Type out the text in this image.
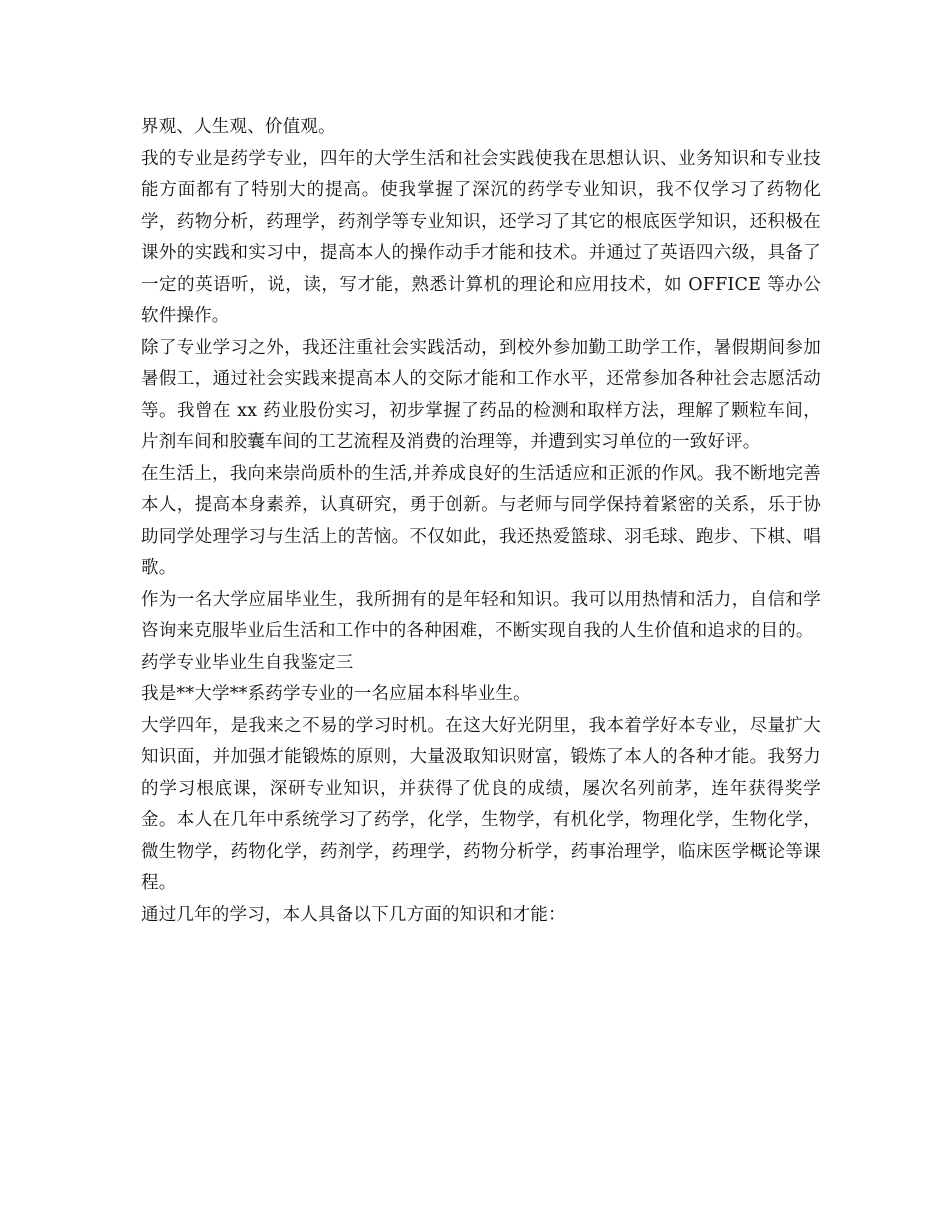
界观、人生观、价值观。

我的专业是药学专业，四年的大学生活和社会实践使我在思想认识、业务知识和专业技能方面都有了特别大的提高。使我掌握了深沉的药学专业知识，我不仅学习了药物化学，药物分析，药理学，药剂学等专业知识，还学习了其它的根底医学知识，还积极在课外的实践和实习中，提高本人的操作动手才能和技术。并通过了英语四六级，具备了一定的英语听，说，读，写才能，熟悉计算机的理论和应用技术，如 OFFICE 等办公软件操作。

除了专业学习之外，我还注重社会实践活动，到校外参加勤工助学工作，暑假期间参加暑假工，通过社会实践来提高本人的交际才能和工作水平，还常参加各种社会志愿活动等。我曾在 xx 药业股份实习，初步掌握了药品的检测和取样方法，理解了颗粒车间，片剂车间和胶囊车间的工艺流程及消费的治理等，并遭到实习单位的一致好评。

在生活上，我向来崇尚质朴的生活,并养成良好的生活适应和正派的作风。我不断地完善本人，提高本身素养，认真研究，勇于创新。与老师与同学保持着紧密的关系，乐于协助同学处理学习与生活上的苦恼。不仅如此，我还热爱篮球、羽毛球、跑步、下棋、唱歌。

作为一名大学应届毕业生，我所拥有的是年轻和知识。我可以用热情和活力，自信和学咨询来克服毕业后生活和工作中的各种困难，不断实现自我的人生价值和追求的目的。

药学专业毕业生自我鉴定三

我是**大学**系药学专业的一名应届本科毕业生。

大学四年，是我来之不易的学习时机。在这大好光阴里，我本着学好本专业，尽量扩大知识面，并加强才能锻炼的原则，大量汲取知识财富，锻炼了本人的各种才能。我努力的学习根底课，深研专业知识，并获得了优良的成绩，屡次名列前茅，连年获得奖学金。本人在几年中系统学习了药学，化学，生物学，有机化学，物理化学，生物化学，微生物学，药物化学，药剂学，药理学，药物分析学，药事治理学，临床医学概论等课程。

通过几年的学习，本人具备以下几方面的知识和才能：
